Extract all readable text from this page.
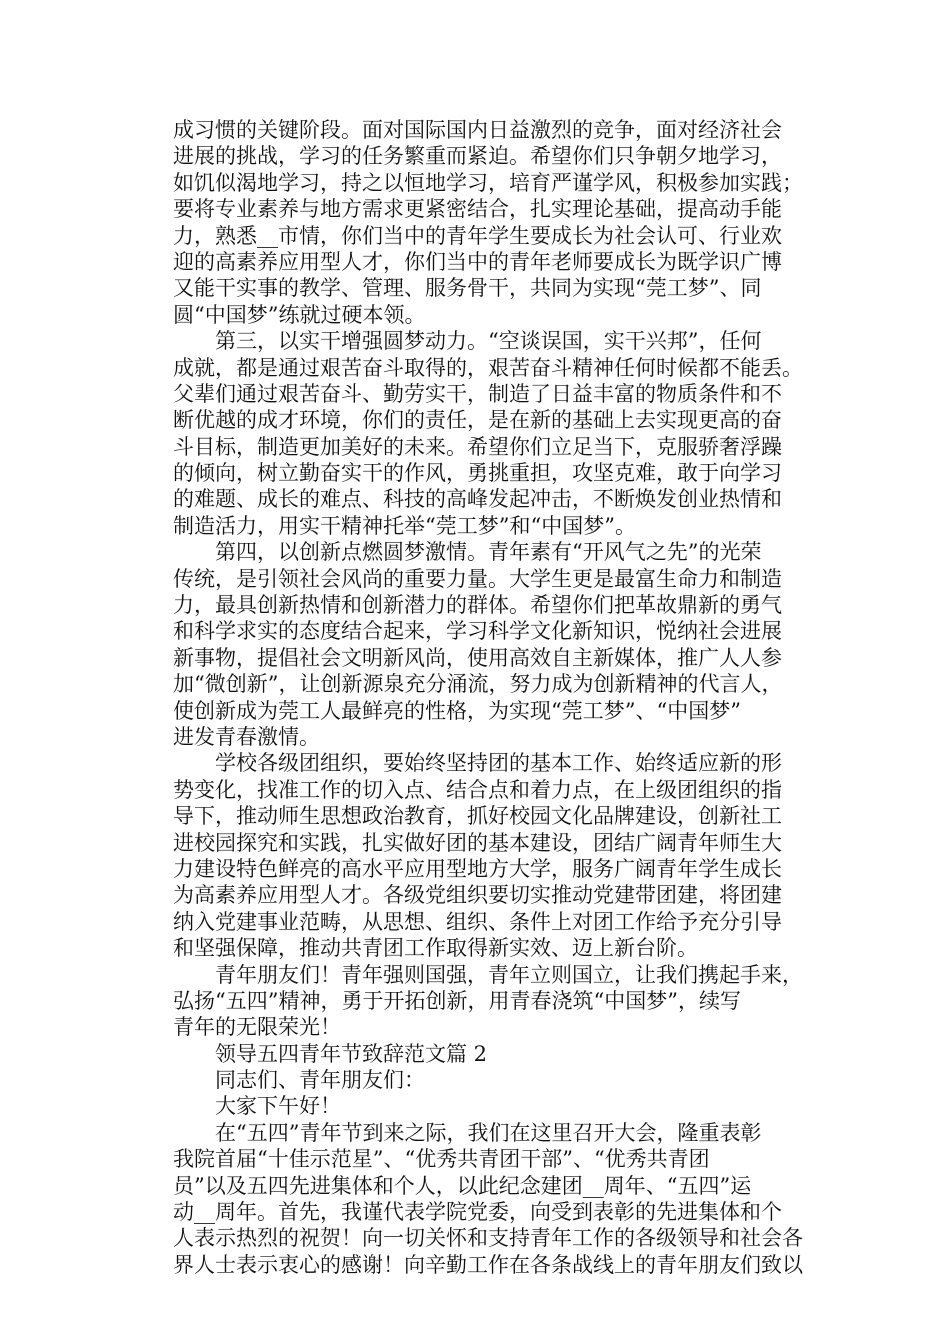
成习惯的关键阶段。面对国际国内日益激烈的竞争，面对经济社会
进展的挑战，学习的任务繁重而紧迫。希望你们只争朝夕地学习，
如饥似渴地学习，持之以恒地学习，培育严谨学风，积极参加实践；
要将专业素养与地方需求更紧密结合，扎实理论基础，提高动手能
力，熟悉__市情，你们当中的青年学生要成长为社会认可、行业欢
迎的高素养应用型人才，你们当中的青年老师要成长为既学识广博
又能干实事的教学、管理、服务骨干，共同为实现“莞工梦”、同
圆“中国梦”练就过硬本领。
　　第三，以实干增强圆梦动力。“空谈误国，实干兴邦”，任何
成就，都是通过艰苦奋斗取得的，艰苦奋斗精神任何时候都不能丢。
父辈们通过艰苦奋斗、勤劳实干，制造了日益丰富的物质条件和不
断优越的成才环境，你们的责任，是在新的基础上去实现更高的奋
斗目标，制造更加美好的未来。希望你们立足当下，克服骄奢浮躁
的倾向，树立勤奋实干的作风，勇挑重担，攻坚克难，敢于向学习
的难题、成长的难点、科技的高峰发起冲击，不断焕发创业热情和
制造活力，用实干精神托举“莞工梦”和“中国梦”。
　　第四，以创新点燃圆梦激情。青年素有“开风气之先”的光荣
传统，是引领社会风尚的重要力量。大学生更是最富生命力和制造
力，最具创新热情和创新潜力的群体。希望你们把革故鼎新的勇气
和科学求实的态度结合起来，学习科学文化新知识，悦纳社会进展
新事物，提倡社会文明新风尚，使用高效自主新媒体，推广人人参
加“微创新”，让创新源泉充分涌流，努力成为创新精神的代言人，
使创新成为莞工人最鲜亮的性格，为实现“莞工梦”、“中国梦”
进发青春激情。
　　学校各级团组织，要始终坚持团的基本工作、始终适应新的形
势变化，找准工作的切入点、结合点和着力点，在上级团组织的指
导下，推动师生思想政治教育，抓好校园文化品牌建设，创新社工
进校园探究和实践，扎实做好团的基本建设，团结广阔青年师生大
力建设特色鲜亮的高水平应用型地方大学，服务广阔青年学生成长
为高素养应用型人才。各级党组织要切实推动党建带团建，将团建
纳入党建事业范畴，从思想、组织、条件上对团工作给予充分引导
和坚强保障，推动共青团工作取得新实效、迈上新台阶。
　　青年朋友们！青年强则国强，青年立则国立，让我们携起手来，
弘扬“五四”精神，勇于开拓创新，用青春浇筑“中国梦”，续写
青年的无限荣光！
　　领导五四青年节致辞范文篇 2
　　同志们、青年朋友们：
　　大家下午好！
　　在“五四”青年节到来之际，我们在这里召开大会，隆重表彰
我院首届“十佳示范星”、“优秀共青团干部”、“优秀共青团
员”以及五四先进集体和个人，以此纪念建团__周年、“五四”运
动__周年。首先，我谨代表学院党委，向受到表彰的先进集体和个
人表示热烈的祝贺！向一切关怀和支持青年工作的各级领导和社会各
界人士表示衷心的感谢！向辛勤工作在各条战线上的青年朋友们致以
